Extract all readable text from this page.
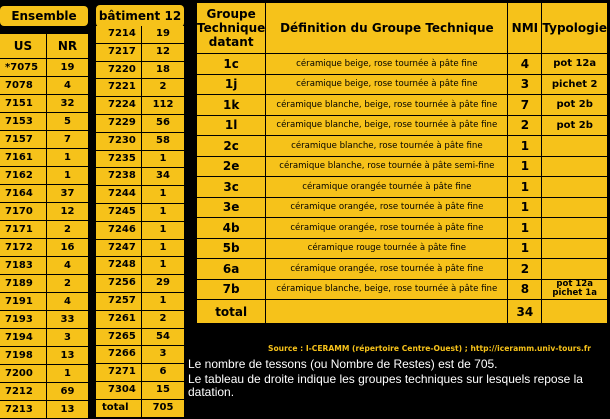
Ensemble
US	NR
*7075	19
7078	4
7151	32
7153	5
7157	7
7161	1
7162	1
7164	37
7170	12
7171	2
7172	16
7183	4
7189	2
7191	4
7193	33
7194	3
7198	13
7200	1
7212	69
7213	13
bâtiment 12
7214	19
7217	12
7220	18
7221	2
7224	112
7229	56
7230	58
7235	1
7238	34
7244	1
7245	1
7246	1
7247	1
7248	1
7256	29
7257	1
7261	2
7265	54
7266	3
7271	6
7304	15
total	705
Groupe Technique datant	Définition du Groupe Technique	NMI	Typologie
1c	céramique beige, rose tournée à pâte fine	4	pot 12a
1j	céramique beige, rose tournée à pâte fine	3	pichet 2
1k	céramique blanche, beige, rose tournée à pâte fine	7	pot 2b
1l	céramique blanche, beige, rose tournée à pâte fine	2	pot 2b
2c	céramique blanche, rose tournée à pâte fine	1	
2e	céramique blanche, rose tournée à pâte semi-fine	1	
3c	céramique orangée tournée à pâte fine	1	
3e	céramique orangée, rose tournée à pâte fine	1	
4b	céramique orangée, rose tournée à pâte fine	1	
5b	céramique rouge tournée à pâte fine	1	
6a	céramique orangée, rose tournée à pâte fine	2	
7b	céramique blanche, beige, rose tournée à pâte fine	8	pot 12a
pichet 1a

total		34	
Source : I-CERAMM (répertoire Centre-Ouest) ; http://iceramm.univ-tours.fr
Le nombre de tessons (ou Nombre de Restes) est de 705.
Le tableau de droite indique les groupes techniques sur lesquels repose la datation.
